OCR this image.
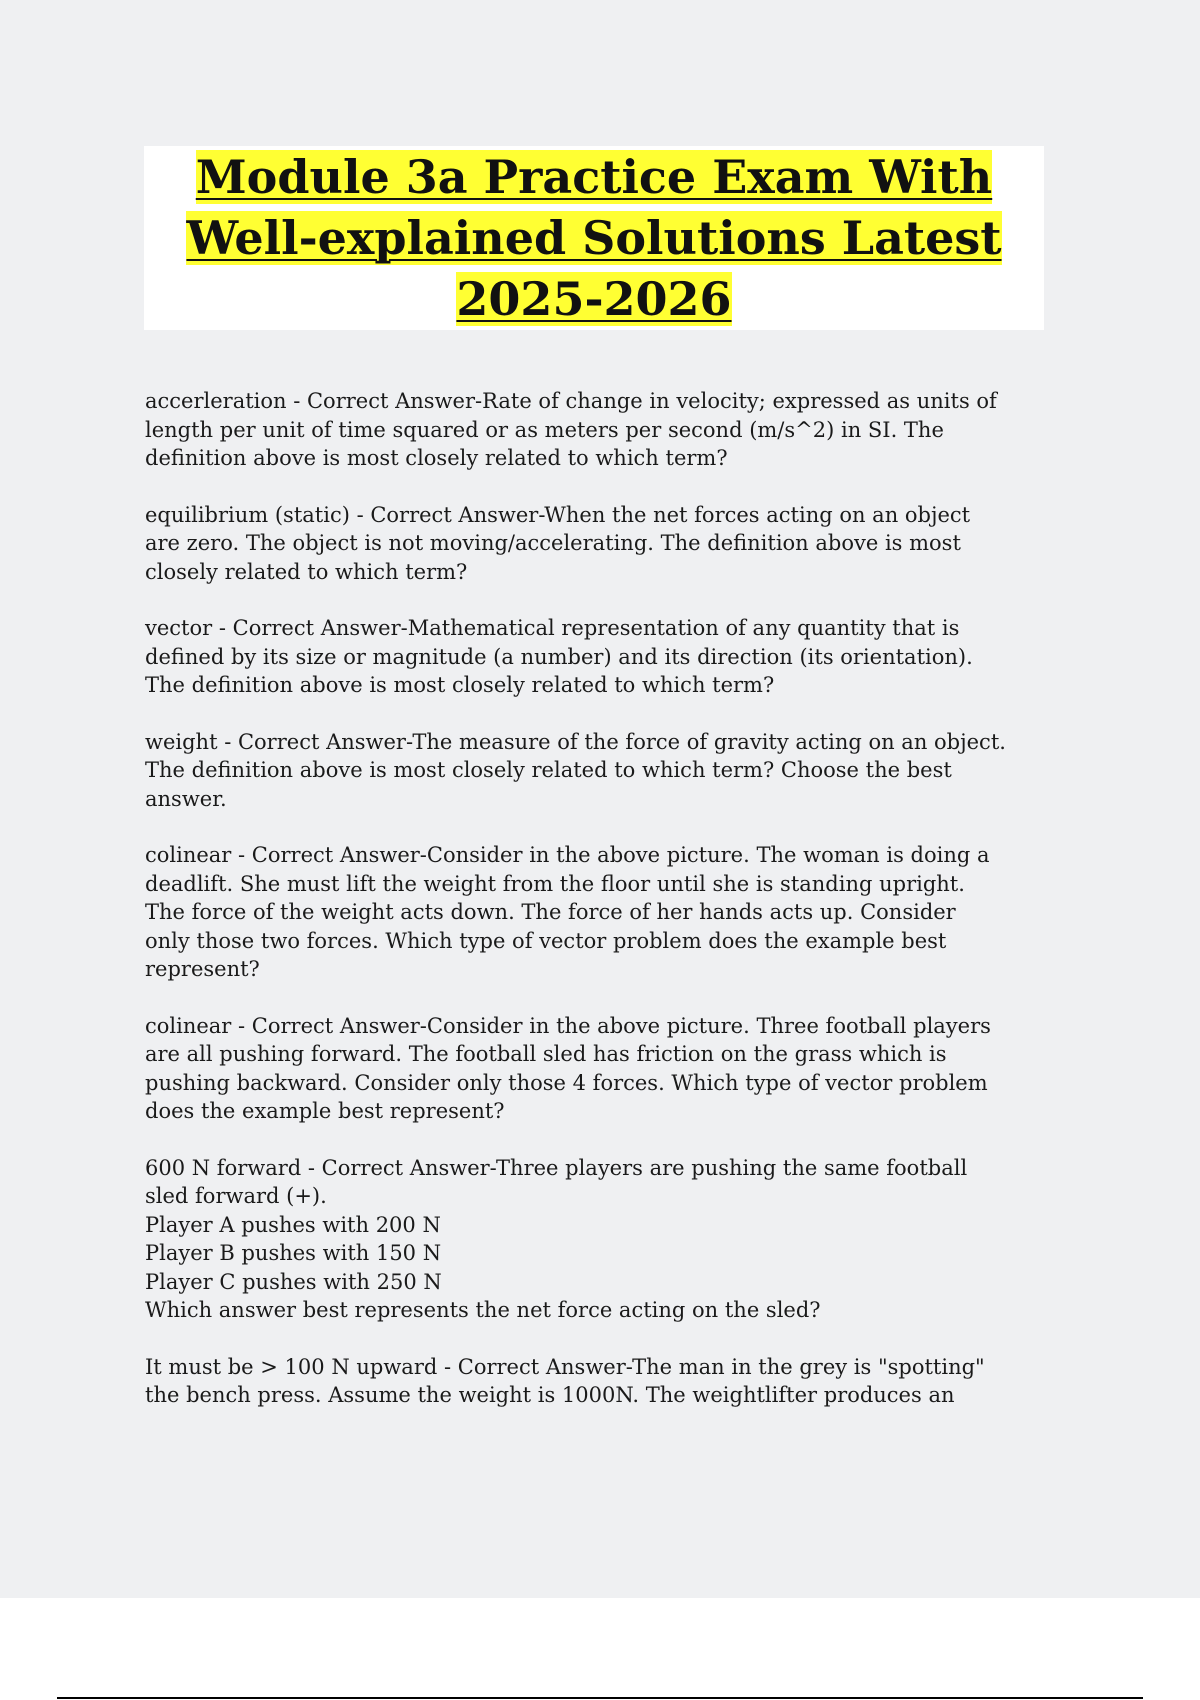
Module 3a Practice Exam With
Well-explained Solutions Latest
2025-2026
accerleration - Correct Answer-Rate of change in velocity; expressed as units of
length per unit of time squared or as meters per second (m/s^2) in SI. The
definition above is most closely related to which term?
equilibrium (static) - Correct Answer-When the net forces acting on an object
are zero. The object is not moving/accelerating. The definition above is most
closely related to which term?
vector - Correct Answer-Mathematical representation of any quantity that is
defined by its size or magnitude (a number) and its direction (its orientation).
The definition above is most closely related to which term?
weight - Correct Answer-The measure of the force of gravity acting on an object.
The definition above is most closely related to which term? Choose the best
answer.
colinear - Correct Answer-Consider in the above picture. The woman is doing a
deadlift. She must lift the weight from the floor until she is standing upright.
The force of the weight acts down. The force of her hands acts up. Consider
only those two forces. Which type of vector problem does the example best
represent?
colinear - Correct Answer-Consider in the above picture. Three football players
are all pushing forward. The football sled has friction on the grass which is
pushing backward. Consider only those 4 forces. Which type of vector problem
does the example best represent?
600 N forward - Correct Answer-Three players are pushing the same football
sled forward (+).
Player A pushes with 200 N
Player B pushes with 150 N
Player C pushes with 250 N
Which answer best represents the net force acting on the sled?
It must be > 100 N upward - Correct Answer-The man in the grey is "spotting"
the bench press. Assume the weight is 1000N. The weightlifter produces an
